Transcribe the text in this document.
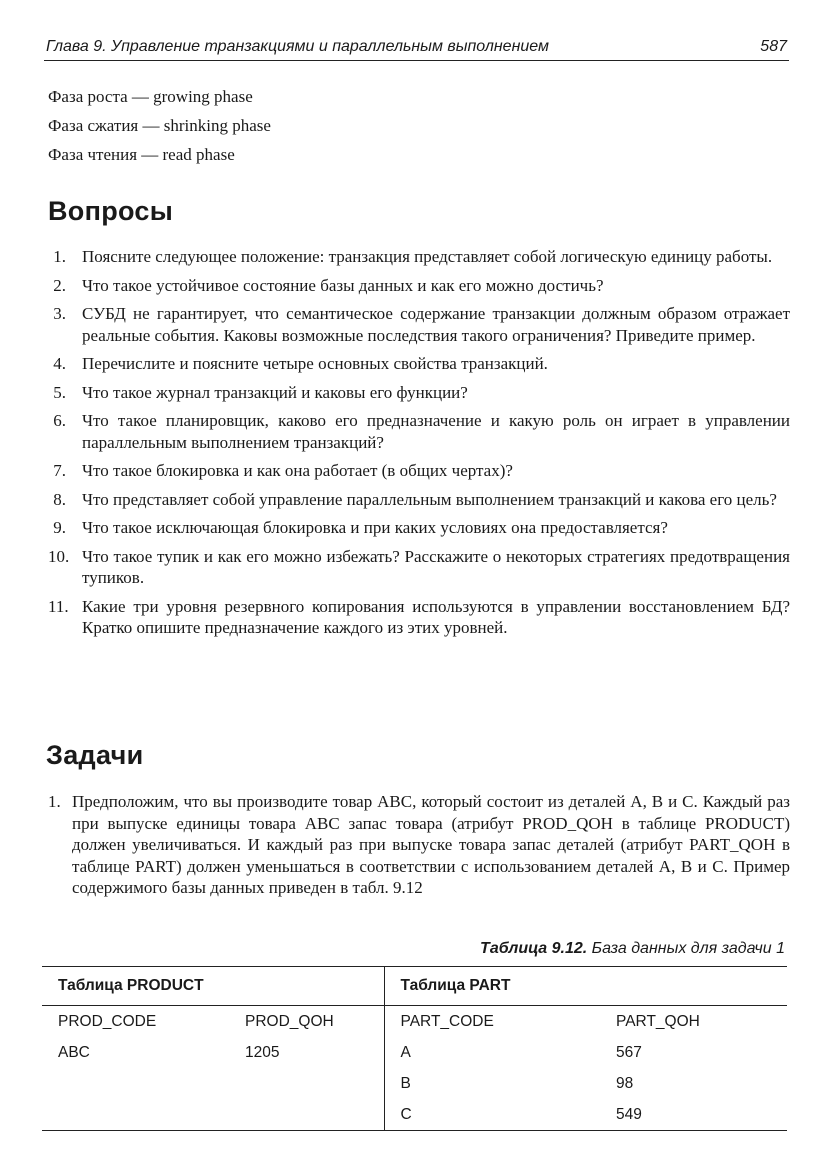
Глава 9. Управление транзакциями и параллельным выполнением	587
Фаза роста — growing phase
Фаза сжатия — shrinking phase
Фаза чтения — read phase
Вопросы
1. Поясните следующее положение: транзакция представляет собой логическую единицу работы.
2. Что такое устойчивое состояние базы данных и как его можно достичь?
3. СУБД не гарантирует, что семантическое содержание транзакции должным образом отражает реальные события. Каковы возможные последствия такого ограничения? Приведите пример.
4. Перечислите и поясните четыре основных свойства транзакций.
5. Что такое журнал транзакций и каковы его функции?
6. Что такое планировщик, каково его предназначение и какую роль он играет в управлении параллельным выполнением транзакций?
7. Что такое блокировка и как она работает (в общих чертах)?
8. Что представляет собой управление параллельным выполнением транзакций и какова его цель?
9. Что такое исключающая блокировка и при каких условиях она предоставляется?
10. Что такое тупик и как его можно избежать? Расскажите о некоторых стратегиях предотвращения тупиков.
11. Какие три уровня резервного копирования используются в управлении восстановлением БД? Кратко опишите предназначение каждого из этих уровней.
Задачи
1. Предположим, что вы производите товар ABC, который состоит из деталей A, B и C. Каждый раз при выпуске единицы товара ABC запас товара (атрибут PROD_QOH в таблице PRODUCT) должен увеличиваться. И каждый раз при выпуске товара запас деталей (атрибут PART_QOH в таблице PART) должен уменьшаться в соответствии с использованием деталей A, B и C. Пример содержимого базы данных приведен в табл. 9.12
Таблица 9.12. База данных для задачи 1
Таблица PRODUCT		Таблица PART	
PROD_CODE	PROD_QOH	PART_CODE	PART_QOH
ABC	1205	A	567
		B	98
		C	549
